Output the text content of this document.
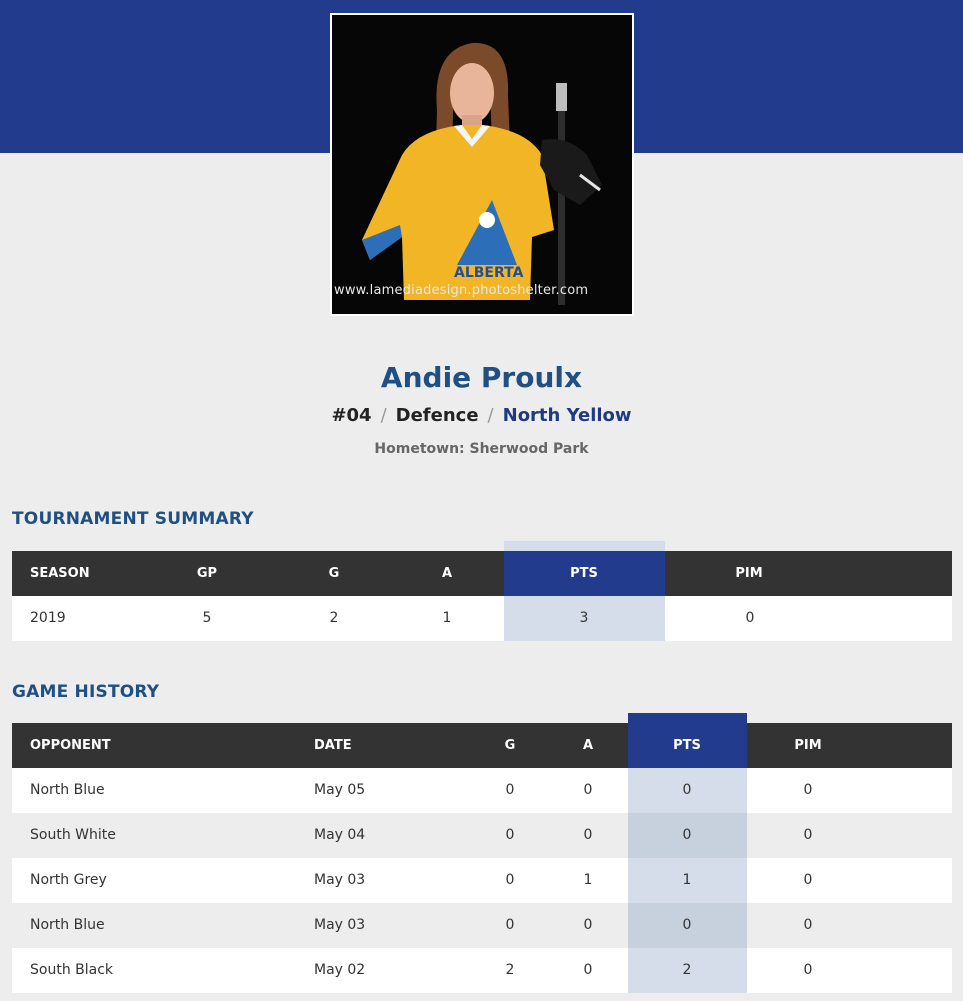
ALBERTA
www.lamediadesign.photoshelter.com
Andie Proulx
#04 / Defence / North Yellow
Hometown: Sherwood Park
TOURNAMENT SUMMARY
SEASON	GP	G	A	PTS	PIM
2019	5	2	1	3	0
GAME HISTORY
OPPONENT	DATE	G	A	PTS	PIM
North Blue	May 05	0	0	0	0
South White	May 04	0	0	0	0
North Grey	May 03	0	1	1	0
North Blue	May 03	0	0	0	0
South Black	May 02	2	0	2	0
